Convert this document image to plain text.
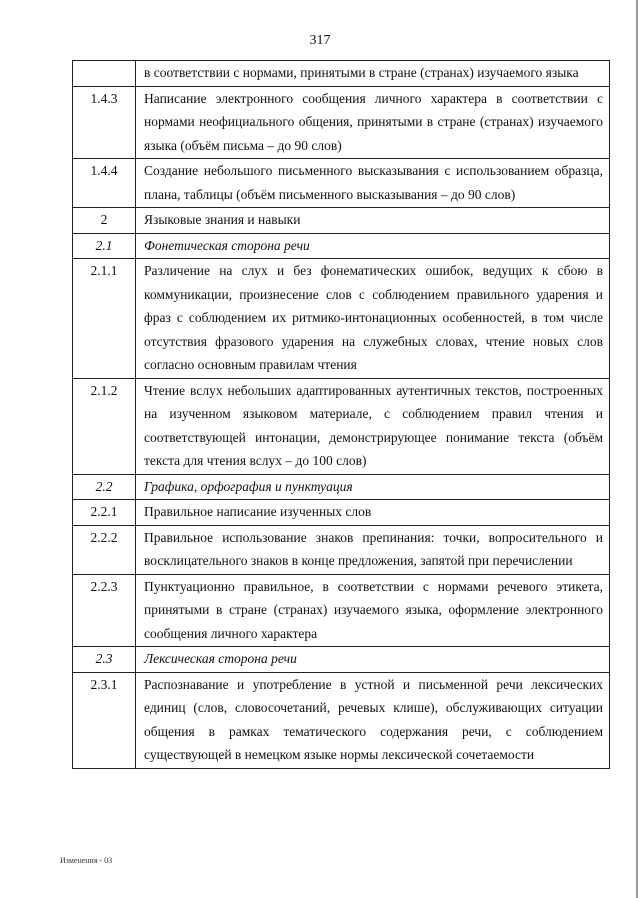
317
	в соответствии с нормами, принятыми в стране (странах) изучаемого языка
1.4.3	Написание электронного сообщения личного характера в соответствии с нормами неофициального общения, принятыми в стране (странах) изучаемого языка (объём письма – до 90 слов)
1.4.4	Создание небольшого письменного высказывания с использованием образца, плана, таблицы (объём письменного высказывания – до 90 слов)
2	Языковые знания и навыки
2.1	Фонетическая сторона речи
2.1.1	Различение на слух и без фонематических ошибок, ведущих к сбою в коммуникации, произнесение слов с соблюдением правильного ударения и фраз с соблюдением их ритмико-интонационных особенностей, в том числе отсутствия фразового ударения на служебных словах, чтение новых слов согласно основным правилам чтения
2.1.2	Чтение вслух небольших адаптированных аутентичных текстов, построенных на изученном языковом материале, с соблюдением правил чтения и соответствующей интонации, демонстрирующее понимание текста (объём текста для чтения вслух – до 100 слов)
2.2	Графика, орфография и пунктуация
2.2.1	Правильное написание изученных слов
2.2.2	Правильное использование знаков препинания: точки, вопросительного и восклицательного знаков в конце предложения, запятой при перечислении
2.2.3	Пунктуационно правильное, в соответствии с нормами речевого этикета, принятыми в стране (странах) изучаемого языка, оформление электронного сообщения личного характера
2.3	Лексическая сторона речи
2.3.1	Распознавание и употребление в устной и письменной речи лексических единиц (слов, словосочетаний, речевых клише), обслуживающих ситуации общения в рамках тематического содержания речи, с соблюдением существующей в немецком языке нормы лексической сочетаемости
Изменения - 03
